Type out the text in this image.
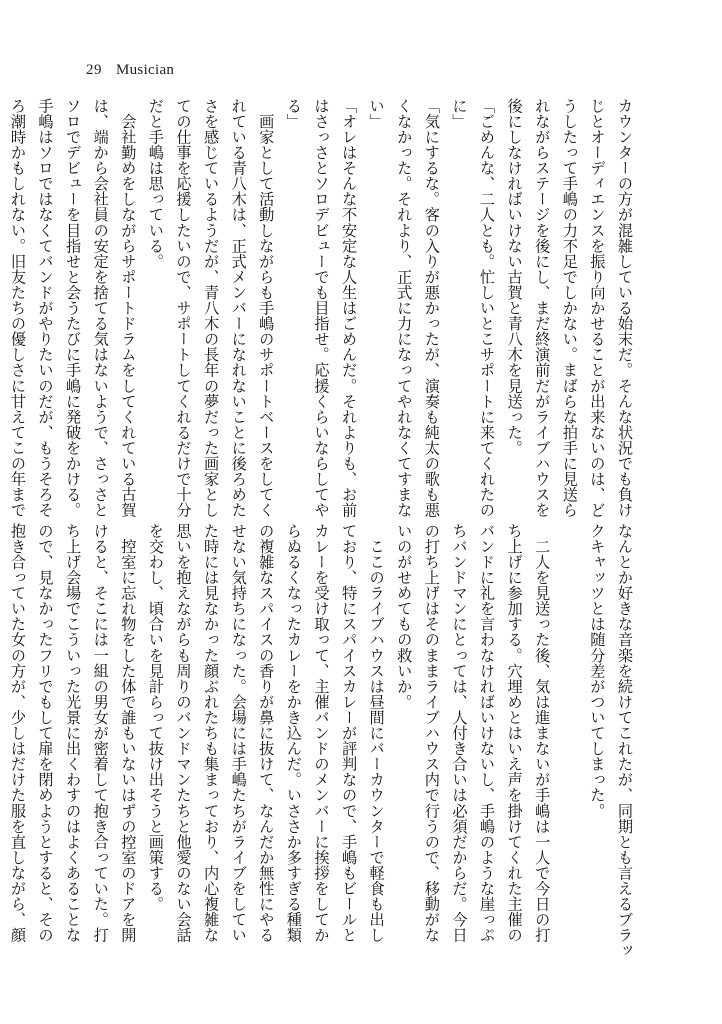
29 Musician
カウンターの方が混雑している始末だ。そんな状況でも負け
じとオーディエンスを振り向かせることが出来ないのは、ど
うしたって手嶋の力不足でしかない。まばらな拍手に見送ら
れながらステージを後にし、まだ終演前だがライブハウスを
後にしなければいけない古賀と青八木を見送った。
「ごめんな、二人とも。忙しいとこサポートに来てくれたの
に」
「気にするな。客の入りが悪かったが、演奏も純太の歌も悪
くなかった。それより、正式に力になってやれなくてすまな
い」
「オレはそんな不安定な人生はごめんだ。それよりも、お前
はさっさとソロデビューでも目指せ。応援くらいならしてや
る」
　画家として活動しながらも手嶋のサポートベースをしてく
れている青八木は、正式メンバーになれないことに後ろめた
さを感じているようだが、青八木の長年の夢だった画家とし
ての仕事を応援したいので、サポートしてくれるだけで十分
だと手嶋は思っている。
　会社勤めをしながらサポートドラムをしてくれている古賀
は、端から会社員の安定を捨てる気はないようで、さっさと
ソロでデビューを目指せと会うたびに手嶋に発破をかける。
手嶋はソロではなくてバンドがやりたいのだが、もうそろそ
ろ潮時かもしれない。旧友たちの優しさに甘えてこの年まで
なんとか好きな音楽を続けてこれたが、同期とも言えるブラッ
クキャッツとは随分差がついてしまった。

　二人を見送った後、気は進まないが手嶋は一人で今日の打
ち上げに参加する。穴埋めとはいえ声を掛けてくれた主催の
バンドに礼を言わなければいけないし、手嶋のような崖っぷ
ちバンドマンにとっては、人付き合いは必須だからだ。今日
の打ち上げはそのままライブハウス内で行うので、移動がな
いのがせめてもの救いか。
　ここのライブハウスは昼間にバーカウンターで軽食も出し
ており、特にスパイスカレーが評判なので、手嶋もビールと
カレーを受け取って、主催バンドのメンバーに挨拶をしてか
らぬるくなったカレーをかき込んだ。いささか多すぎる種類
の複雑なスパイスの香りが鼻に抜けて、なんだか無性にやる
せない気持ちになった。会場には手嶋たちがライブをしてい
た時には見なかった顔ぶれたちも集まっており、内心複雑な
思いを抱えながらも周りのバンドマンたちと他愛のない会話
を交わし、頃合いを見計らって抜け出そうと画策する。
　控室に忘れ物をした体で誰もいないはずの控室のドアを開
けると、そこには一組の男女が密着して抱き合っていた。打
ち上げ会場でこういった光景に出くわすのはよくあることな
ので、見なかったフリでもして扉を閉めようとすると、その
抱き合っていた女の方が、少しはだけた服を直しながら、顔
